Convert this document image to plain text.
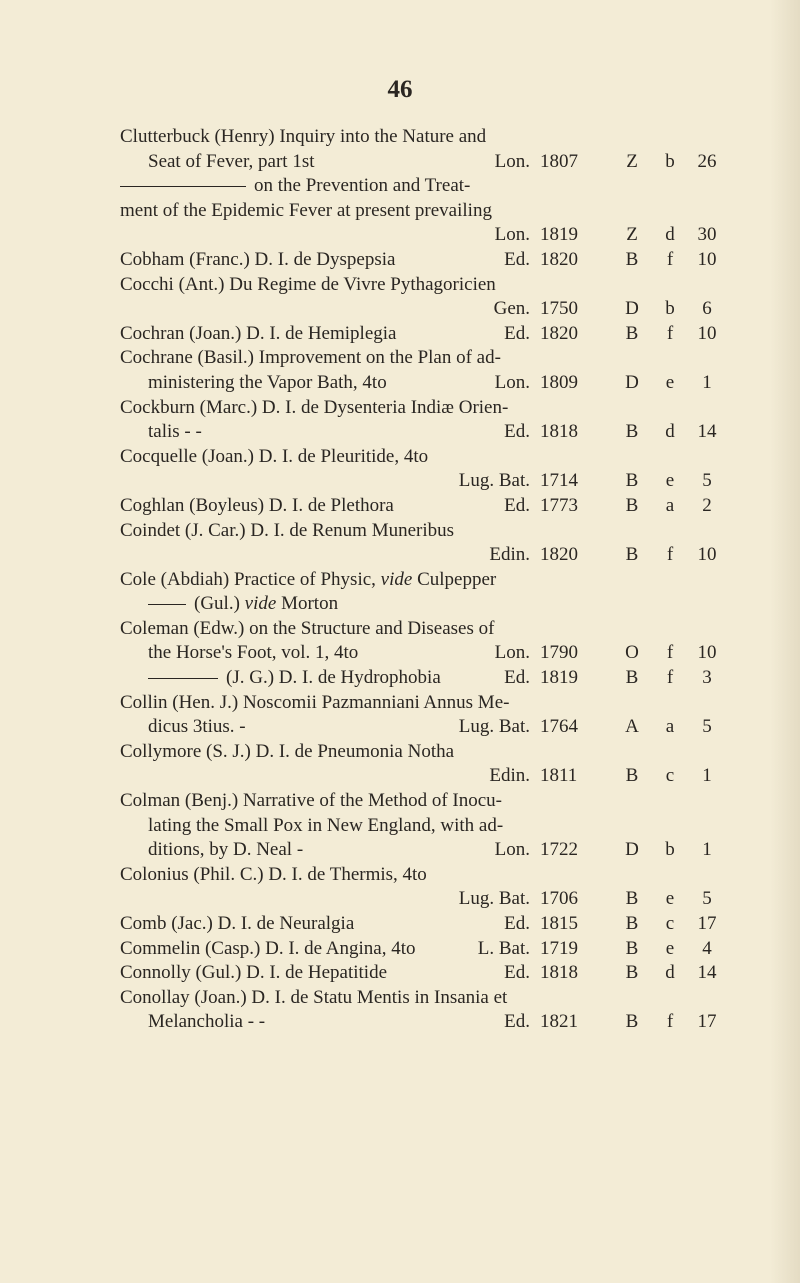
46
Clutterbuck (Henry) Inquiry into the Nature and
Seat of Fever, part 1st	Lon. 1807	Z b	26
on the Prevention and Treat-
ment of the Epidemic Fever at present prevailing
Lon. 1819	Z d	30
Cobham (Franc.) D. I. de Dyspepsia	Ed. 1820	B	f	10
Cocchi (Ant.) Du Regime de Vivre Pythagoricien
Gen. 1750	D b	6
Cochran (Joan.) D. I. de Hemiplegia	Ed. 1820	B	f	10
Cochrane (Basil.) Improvement on the Plan of ad-
ministering the Vapor Bath, 4to	Lon. 1809	D	e	1
Cockburn (Marc.) D. I. de Dysenteria Indiæ Orien-
talis - -	Ed. 1818	B d	14
Cocquelle (Joan.) D. I. de Pleuritide, 4to
Lug. Bat. 1714	B	e	5
Coghlan (Boyleus) D. I. de Plethora	Ed. 1773	B	a	2
Coindet (J. Car.) D. I. de Renum Muneribus
Edin. 1820	B	f	10
Cole (Abdiah) Practice of Physic, vide Culpepper
(Gul.) vide Morton
Coleman (Edw.) on the Structure and Diseases of
the Horse's Foot, vol. 1, 4to	Lon. 1790	O	f	10
(J. G.) D. I. de Hydrophobia	Ed. 1819	B	f	3
Collin (Hen. J.) Noscomii Pazmanniani Annus Me-
dicus 3tius. -	Lug. Bat. 1764	A	a	5
Collymore (S. J.) D. I. de Pneumonia Notha
Edin. 1811	B	c	1
Colman (Benj.) Narrative of the Method of Inocu-
lating the Small Pox in New England, with ad-
ditions, by D. Neal -	Lon. 1722	D b	1
Colonius (Phil. C.) D. I. de Thermis, 4to
Lug. Bat. 1706	B	e	5
Comb (Jac.) D. I. de Neuralgia	Ed. 1815	B	c	17
Commelin (Casp.) D. I. de Angina, 4to	L. Bat. 1719	B	e	4
Connolly (Gul.) D. I. de Hepatitide	Ed. 1818	B d	14
Conollay (Joan.) D. I. de Statu Mentis in Insania et
Melancholia - -	Ed. 1821	B	f	17
